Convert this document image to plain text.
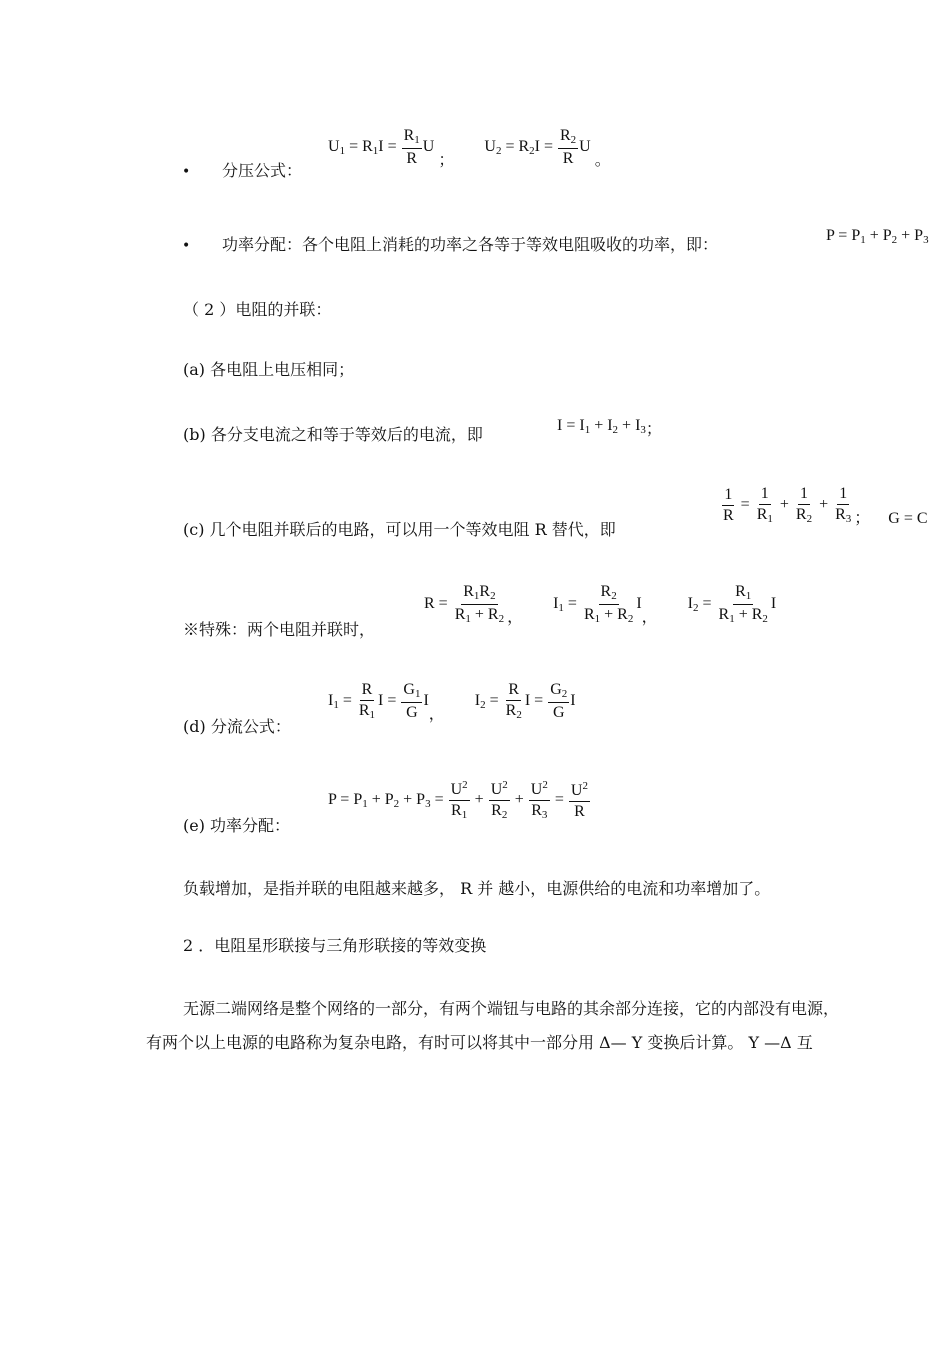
• 分压公式：
$U_1 = R_1I = \frac{R_1}{R}$ U ；  $U_2 = R_2I = \frac{R_2}{R}$ U 。
• 功率分配：各个电阻上消耗的功率之各等于等效电阻吸收的功率，即：	$P = P_1 + P_2 + P_3$
（ 2 ）电阻的并联：
(a) 各电阻上电压相同；
(b) 各分支电流之和等于等效后的电流，即	$I = I_1 + I_2 + I_3$；
(c) 几个电阻并联后的电路，可以用一个等效电阻 R 替代，即
$\frac{1}{R} = \frac{1}{R_1} + \frac{1}{R_2} + \frac{1}{R_3}$ ； G = C
※特殊：两个电阻并联时，
$R = \frac{R_1R_2}{R_1 + R_2}$ ，  $I_1 = \frac{R_2}{R_1 + R_2}$ I，  $I_2 = \frac{R_1}{R_1 + R_2}$ I
(d) 分流公式：
$I_1 = \frac{R}{R_1}$ $I = \frac{G_1}{G}$ I，  $I_2 = \frac{R}{R_2}$ $I = \frac{G_2}{G}$ I
(e) 功率分配：
$P = P_1 + P_2 + P_3 = \frac{U^2}{R_1} + \frac{U^2}{R_2} + \frac{U^2}{R_3} = \frac{U^2}{R}$
负载增加，是指并联的电阻越来越多， R 并 越小，电源供给的电流和功率增加了。
2 ．电阻星形联接与三角形联接的等效变换
无源二端网络是整个网络的一部分，有两个端钮与电路的其余部分连接，它的内部没有电源，
有两个以上电源的电路称为复杂电路，有时可以将其中一部分用 Δ— Y 变换后计算。 Y —Δ 互
